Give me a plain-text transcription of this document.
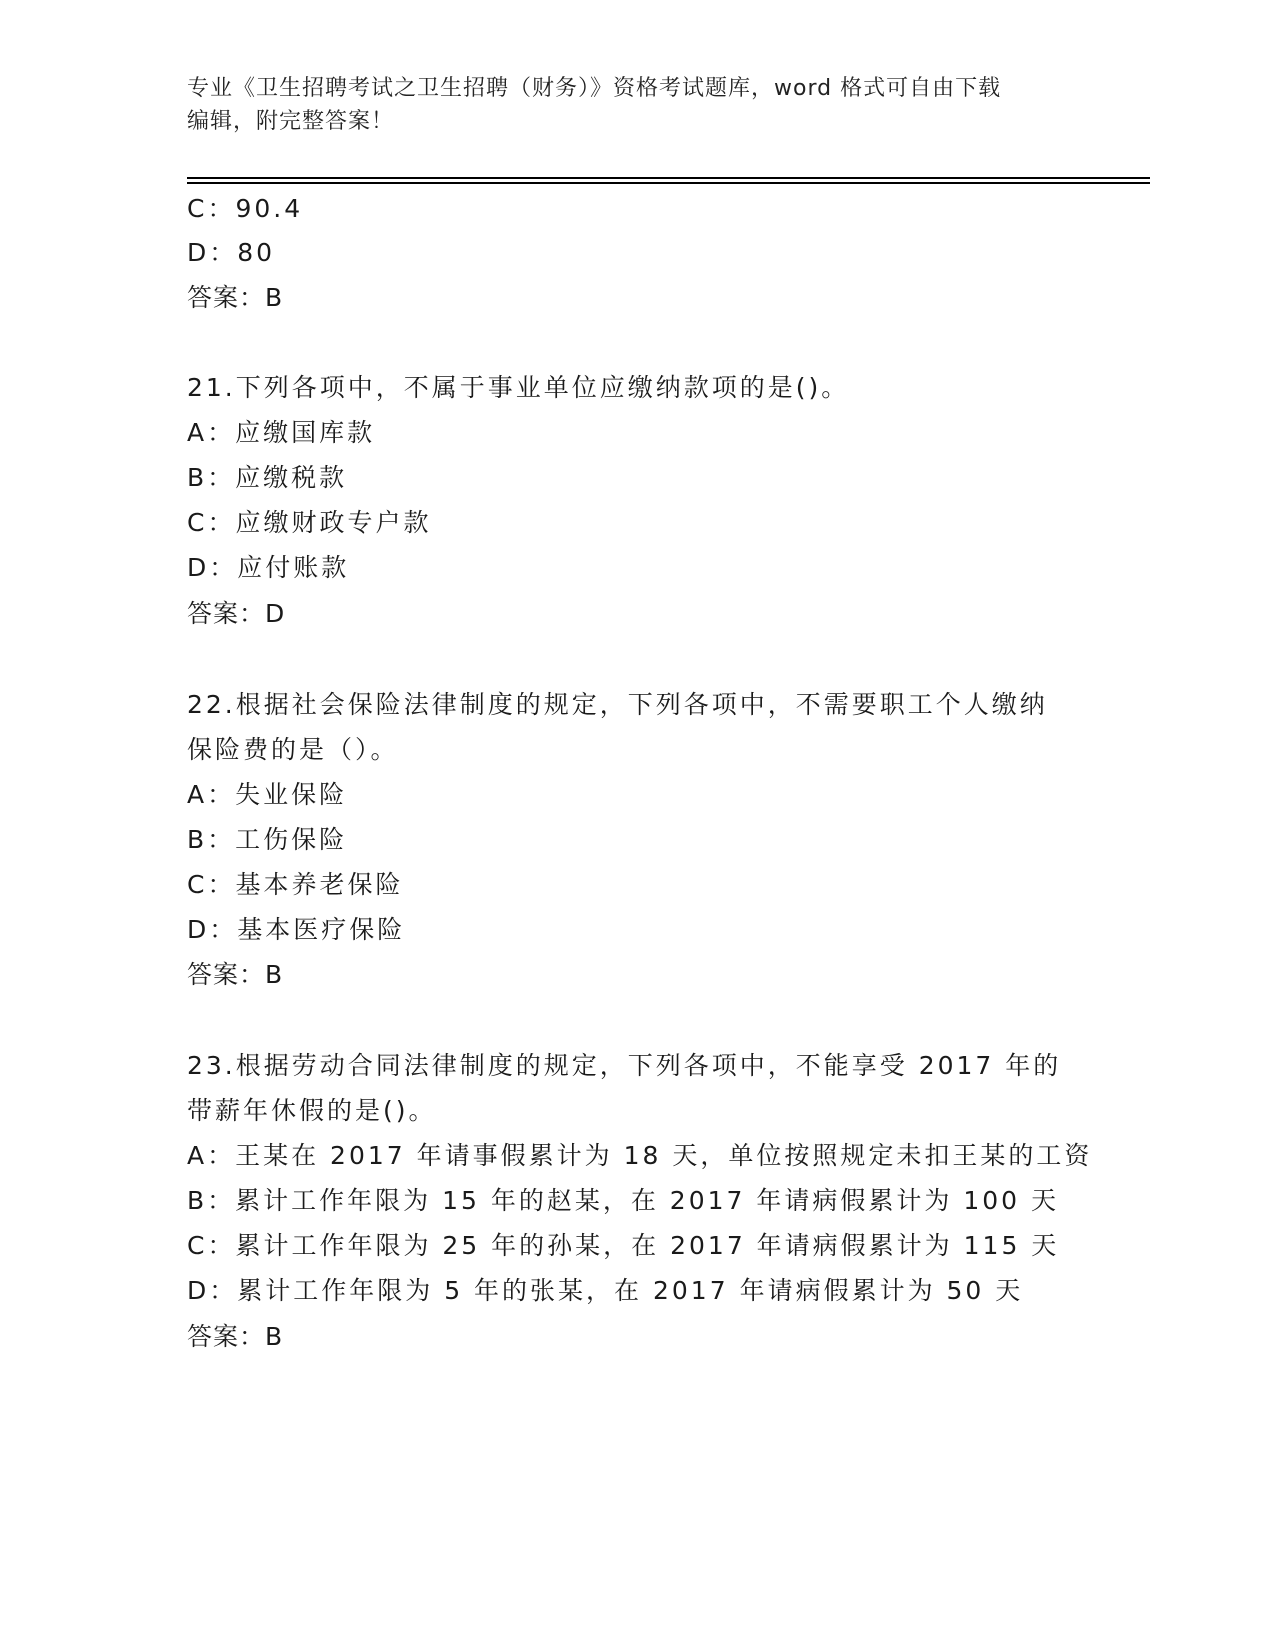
专业《卫生招聘考试之卫生招聘（财务）》资格考试题库，word 格式可自由下载
编辑，附完整答案！
C：90.4
D：80
答案：B
21.下列各项中，不属于事业单位应缴纳款项的是()。
A：应缴国库款
B：应缴税款
C：应缴财政专户款
D：应付账款
答案：D
22.根据社会保险法律制度的规定，下列各项中，不需要职工个人缴纳
保险费的是（）。
A：失业保险
B：工伤保险
C：基本养老保险
D：基本医疗保险
答案：B
23.根据劳动合同法律制度的规定，下列各项中，不能享受 2017 年的
带薪年休假的是()。
A：王某在 2017 年请事假累计为 18 天，单位按照规定未扣王某的工资
B：累计工作年限为 15 年的赵某，在 2017 年请病假累计为 100 天
C：累计工作年限为 25 年的孙某，在 2017 年请病假累计为 115 天
D：累计工作年限为 5 年的张某，在 2017 年请病假累计为 50 天
答案：B
